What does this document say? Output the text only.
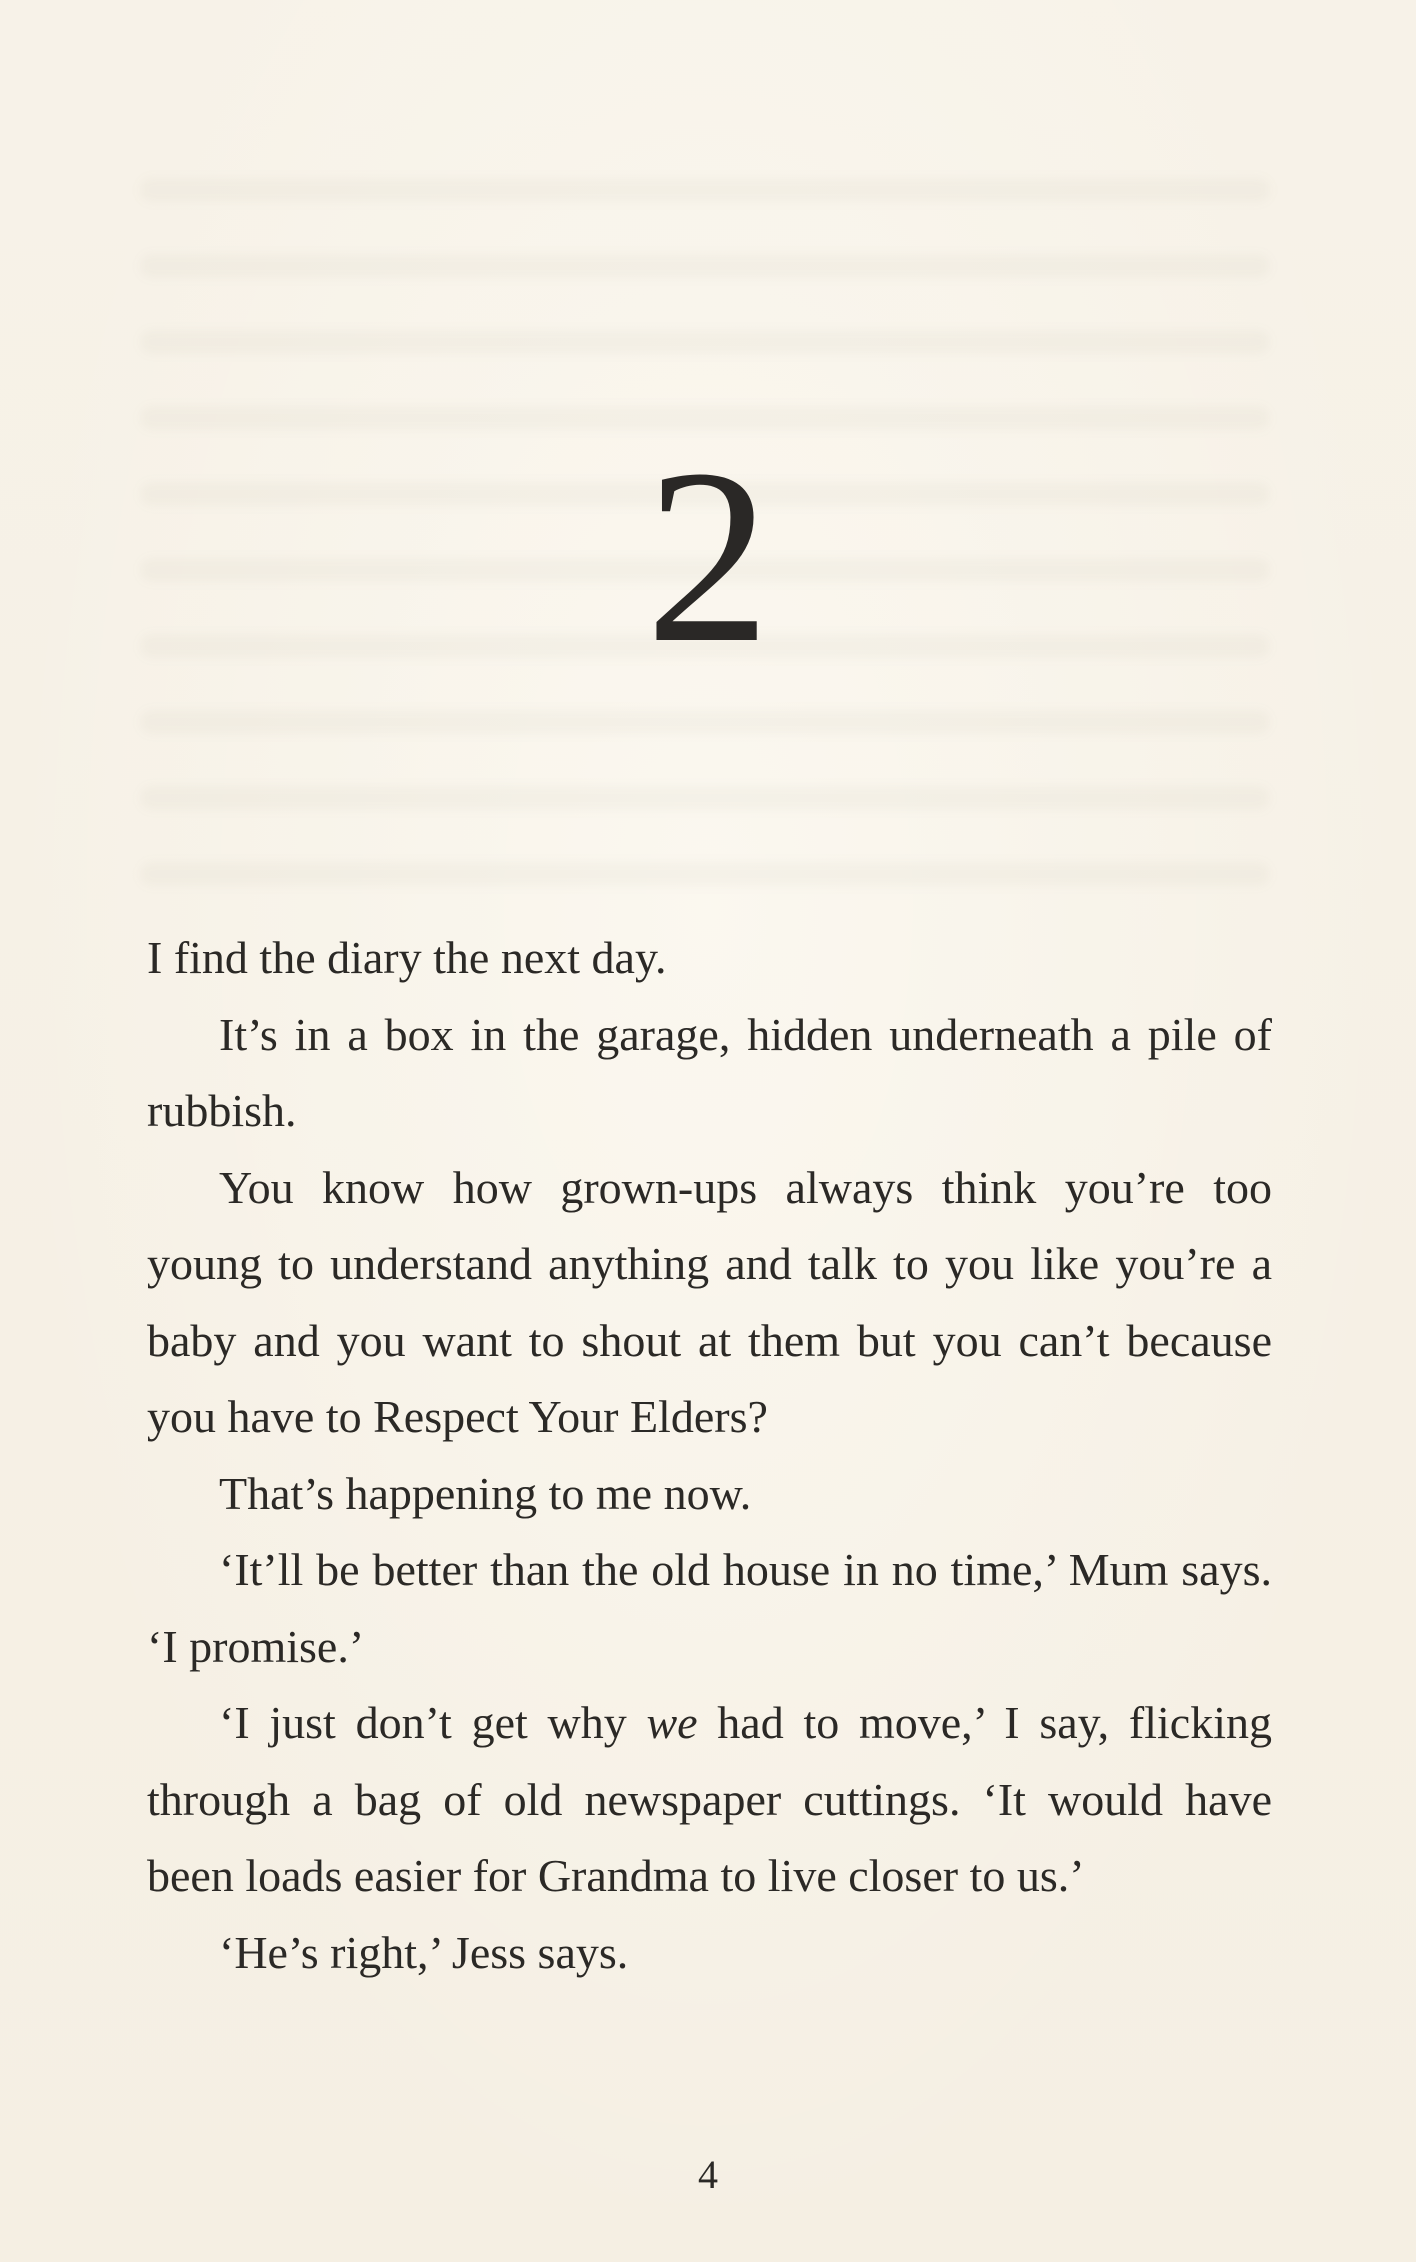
2

I find the diary the next day.

It’s in a box in the garage, hidden underneath a pile of rubbish.

You know how grown-ups always think you’re too young to understand anything and talk to you like you’re a baby and you want to shout at them but you can’t because you have to Respect Your Elders?

That’s happening to me now.

‘It’ll be better than the old house in no time,’ Mum says. ‘I promise.’

‘I just don’t get why we had to move,’ I say, flicking through a bag of old newspaper cuttings. ‘It would have been loads easier for Grandma to live closer to us.’

‘He’s right,’ Jess says.

4
